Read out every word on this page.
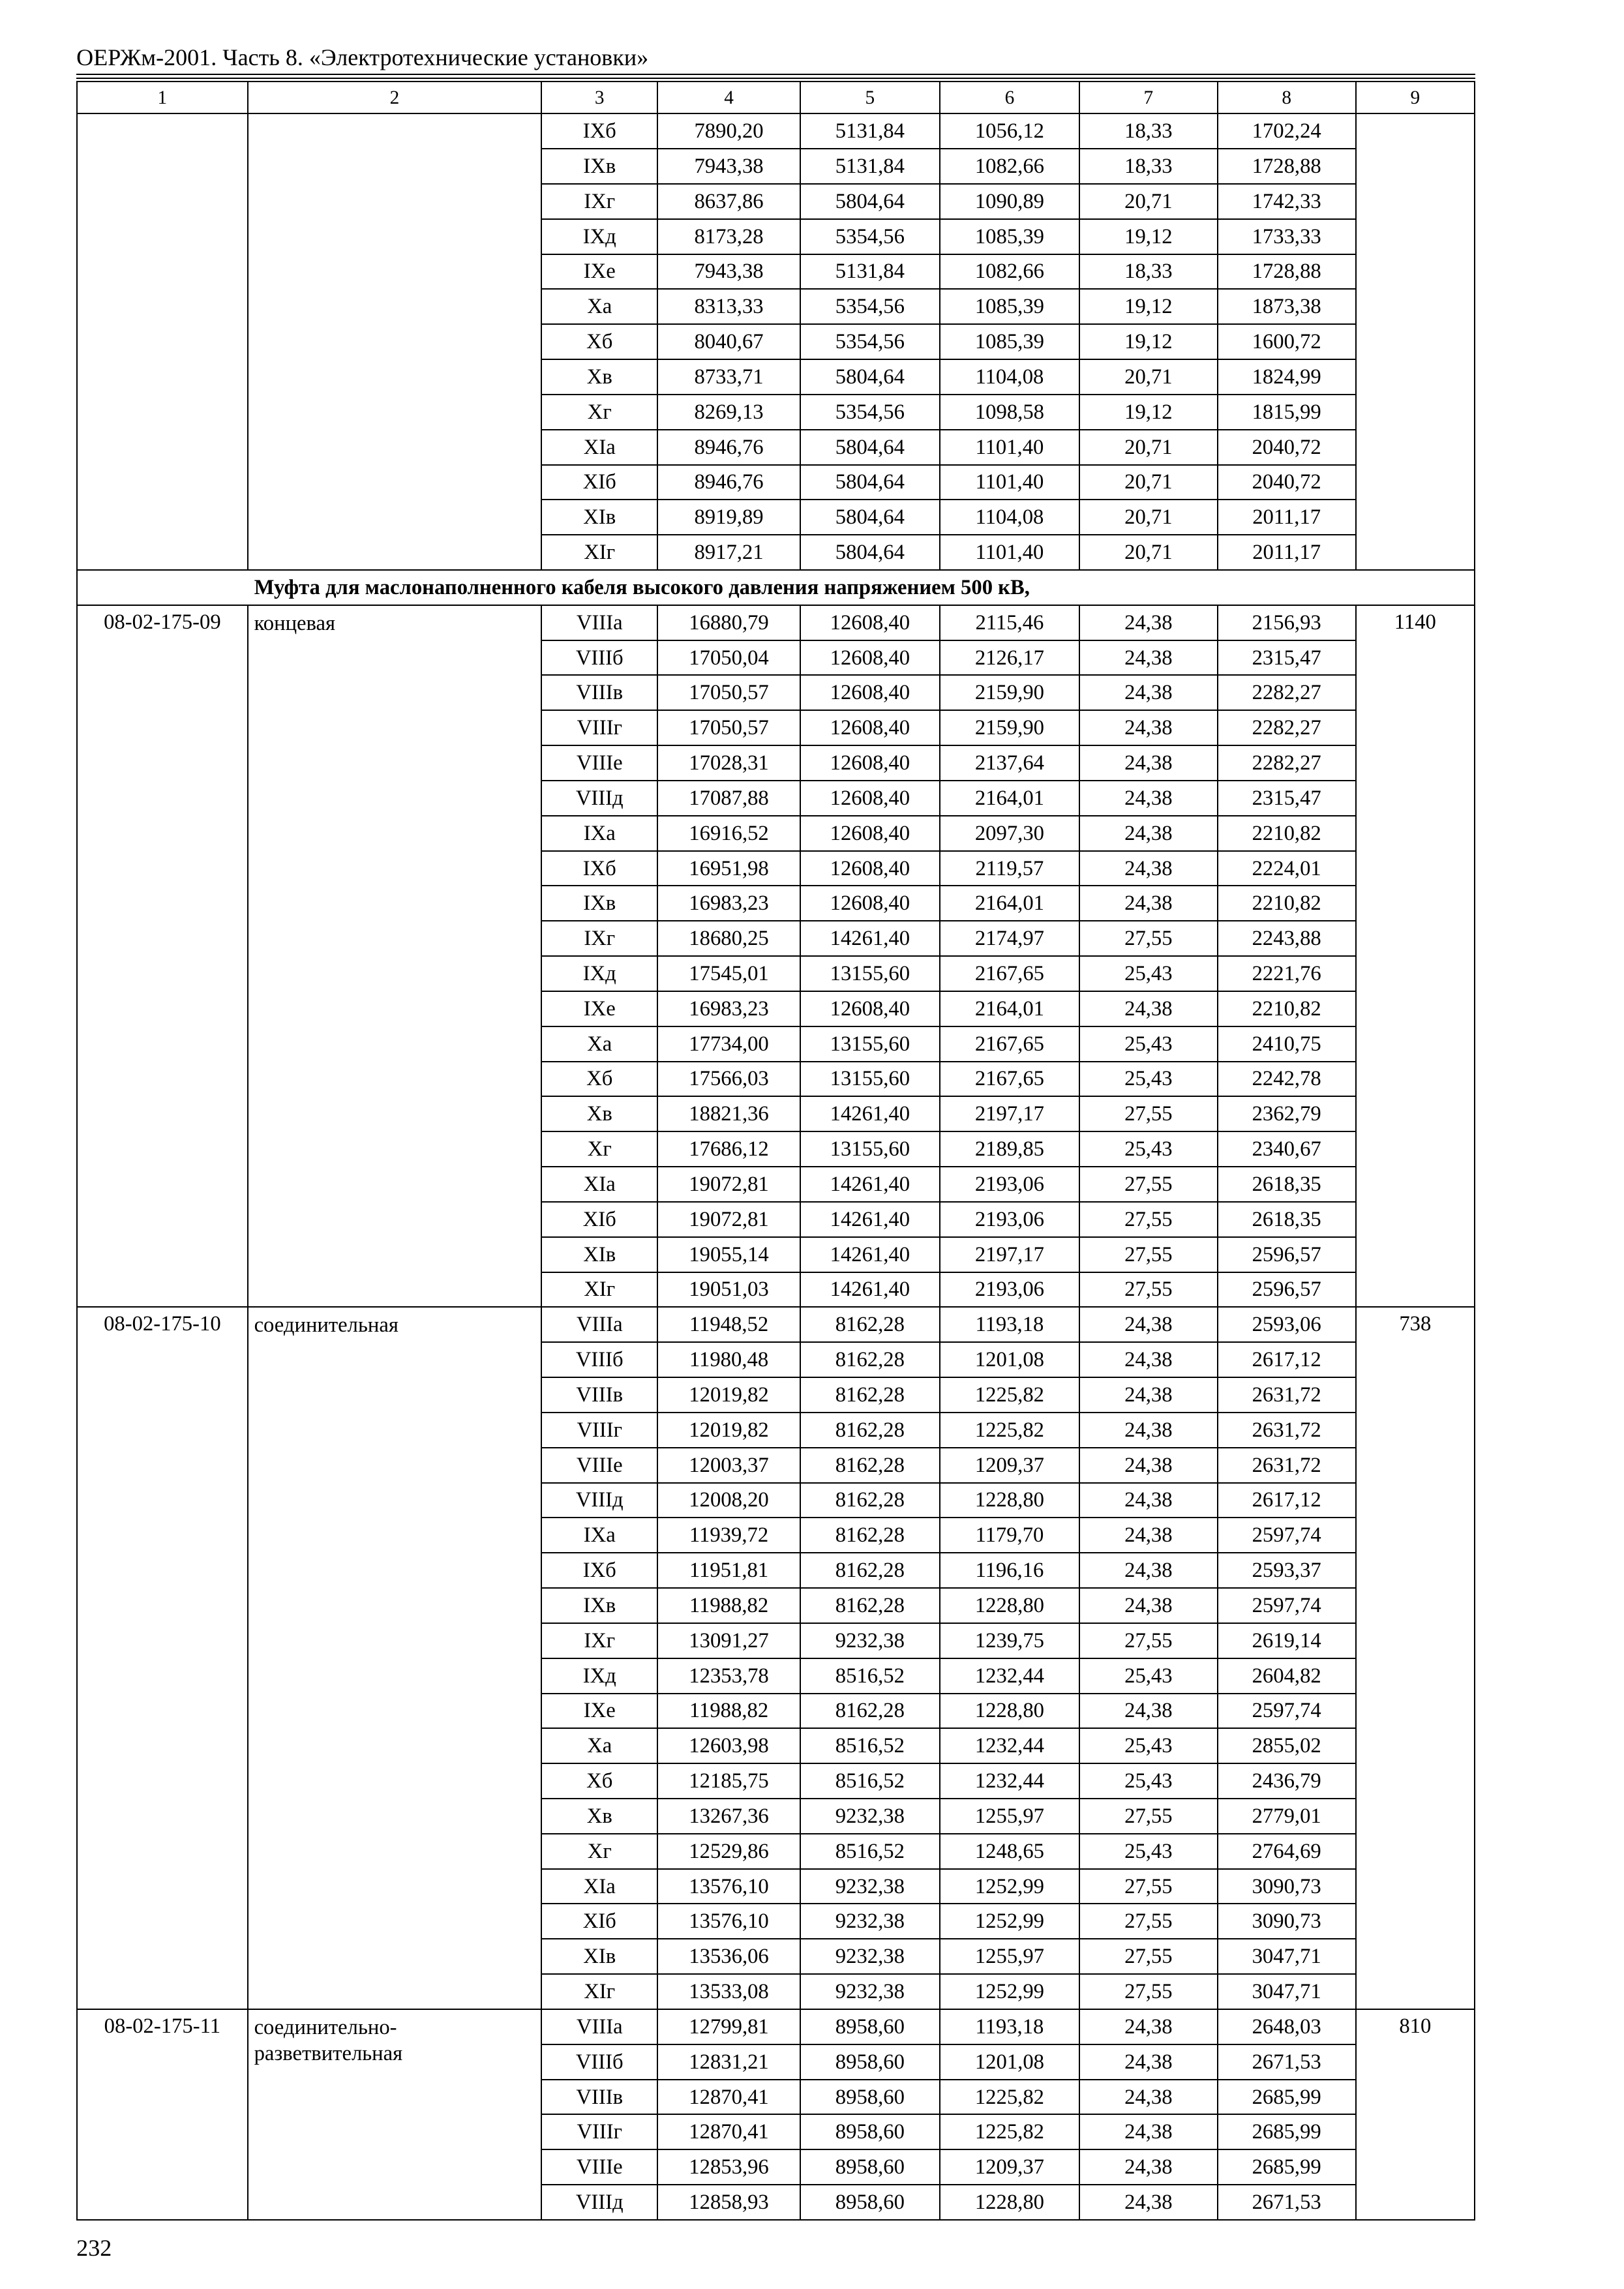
ОЕРЖм-2001. Часть 8. «Электротехнические установки»
1	2	3	4	5	6	7	8	9
		IXб	7890,20	5131,84	1056,12	18,33	1702,24	
		IXв	7943,38	5131,84	1082,66	18,33	1728,88	
		IXг	8637,86	5804,64	1090,89	20,71	1742,33	
		IXд	8173,28	5354,56	1085,39	19,12	1733,33	
		IXе	7943,38	5131,84	1082,66	18,33	1728,88	
		Xа	8313,33	5354,56	1085,39	19,12	1873,38	
		Xб	8040,67	5354,56	1085,39	19,12	1600,72	
		Xв	8733,71	5804,64	1104,08	20,71	1824,99	
		Xг	8269,13	5354,56	1098,58	19,12	1815,99	
		XIа	8946,76	5804,64	1101,40	20,71	2040,72	
		XIб	8946,76	5804,64	1101,40	20,71	2040,72	
		XIв	8919,89	5804,64	1104,08	20,71	2011,17	
		XIг	8917,21	5804,64	1101,40	20,71	2011,17	
Муфта для маслонаполненного кабеля высокого давления напряжением 500 кВ,								
08-02-175-09	концевая	VIIIа	16880,79	12608,40	2115,46	24,38	2156,93	1140
		VIIIб	17050,04	12608,40	2126,17	24,38	2315,47	
		VIIIв	17050,57	12608,40	2159,90	24,38	2282,27	
		VIIIг	17050,57	12608,40	2159,90	24,38	2282,27	
		VIIIе	17028,31	12608,40	2137,64	24,38	2282,27	
		VIIIд	17087,88	12608,40	2164,01	24,38	2315,47	
		IXа	16916,52	12608,40	2097,30	24,38	2210,82	
		IXб	16951,98	12608,40	2119,57	24,38	2224,01	
		IXв	16983,23	12608,40	2164,01	24,38	2210,82	
		IXг	18680,25	14261,40	2174,97	27,55	2243,88	
		IXд	17545,01	13155,60	2167,65	25,43	2221,76	
		IXе	16983,23	12608,40	2164,01	24,38	2210,82	
		Xа	17734,00	13155,60	2167,65	25,43	2410,75	
		Xб	17566,03	13155,60	2167,65	25,43	2242,78	
		Xв	18821,36	14261,40	2197,17	27,55	2362,79	
		Xг	17686,12	13155,60	2189,85	25,43	2340,67	
		XIа	19072,81	14261,40	2193,06	27,55	2618,35	
		XIб	19072,81	14261,40	2193,06	27,55	2618,35	
		XIв	19055,14	14261,40	2197,17	27,55	2596,57	
		XIг	19051,03	14261,40	2193,06	27,55	2596,57	
08-02-175-10	соединительная	VIIIа	11948,52	8162,28	1193,18	24,38	2593,06	738
		VIIIб	11980,48	8162,28	1201,08	24,38	2617,12	
		VIIIв	12019,82	8162,28	1225,82	24,38	2631,72	
		VIIIг	12019,82	8162,28	1225,82	24,38	2631,72	
		VIIIе	12003,37	8162,28	1209,37	24,38	2631,72	
		VIIIд	12008,20	8162,28	1228,80	24,38	2617,12	
		IXа	11939,72	8162,28	1179,70	24,38	2597,74	
		IXб	11951,81	8162,28	1196,16	24,38	2593,37	
		IXв	11988,82	8162,28	1228,80	24,38	2597,74	
		IXг	13091,27	9232,38	1239,75	27,55	2619,14	
		IXд	12353,78	8516,52	1232,44	25,43	2604,82	
		IXе	11988,82	8162,28	1228,80	24,38	2597,74	
		Xа	12603,98	8516,52	1232,44	25,43	2855,02	
		Xб	12185,75	8516,52	1232,44	25,43	2436,79	
		Xв	13267,36	9232,38	1255,97	27,55	2779,01	
		Xг	12529,86	8516,52	1248,65	25,43	2764,69	
		XIа	13576,10	9232,38	1252,99	27,55	3090,73	
		XIб	13576,10	9232,38	1252,99	27,55	3090,73	
		XIв	13536,06	9232,38	1255,97	27,55	3047,71	
		XIг	13533,08	9232,38	1252,99	27,55	3047,71	
08-02-175-11	соединительно-разветвительная	VIIIа	12799,81	8958,60	1193,18	24,38	2648,03	810
		VIIIб	12831,21	8958,60	1201,08	24,38	2671,53	
		VIIIв	12870,41	8958,60	1225,82	24,38	2685,99	
		VIIIг	12870,41	8958,60	1225,82	24,38	2685,99	
		VIIIе	12853,96	8958,60	1209,37	24,38	2685,99	
		VIIIд	12858,93	8958,60	1228,80	24,38	2671,53	
232
